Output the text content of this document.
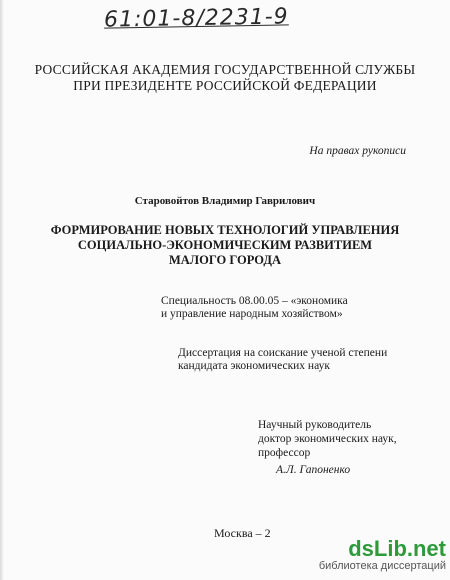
61:01-8/2231-9
РОССИЙСКАЯ АКАДЕМИЯ ГОСУДАРСТВЕННОЙ СЛУЖБЫ
ПРИ ПРЕЗИДЕНТЕ РОССИЙСКОЙ ФЕДЕРАЦИИ
На правах рукописи
Старовойтов Владимир Гаврилович
ФОРМИРОВАНИЕ НОВЫХ ТЕХНОЛОГИЙ УПРАВЛЕНИЯ
СОЦИАЛЬНО-ЭКОНОМИЧЕСКИМ РАЗВИТИЕМ
МАЛОГО ГОРОДА
Специальность 08.00.05 – «экономика
и управление народным хозяйством»
Диссертация на соискание ученой степени
кандидата экономических наук
Научный руководитель
доктор экономических наук, профессор
А.Л. Гапоненко
Москва – 2
dsLib.net
библиотека диссертаций
